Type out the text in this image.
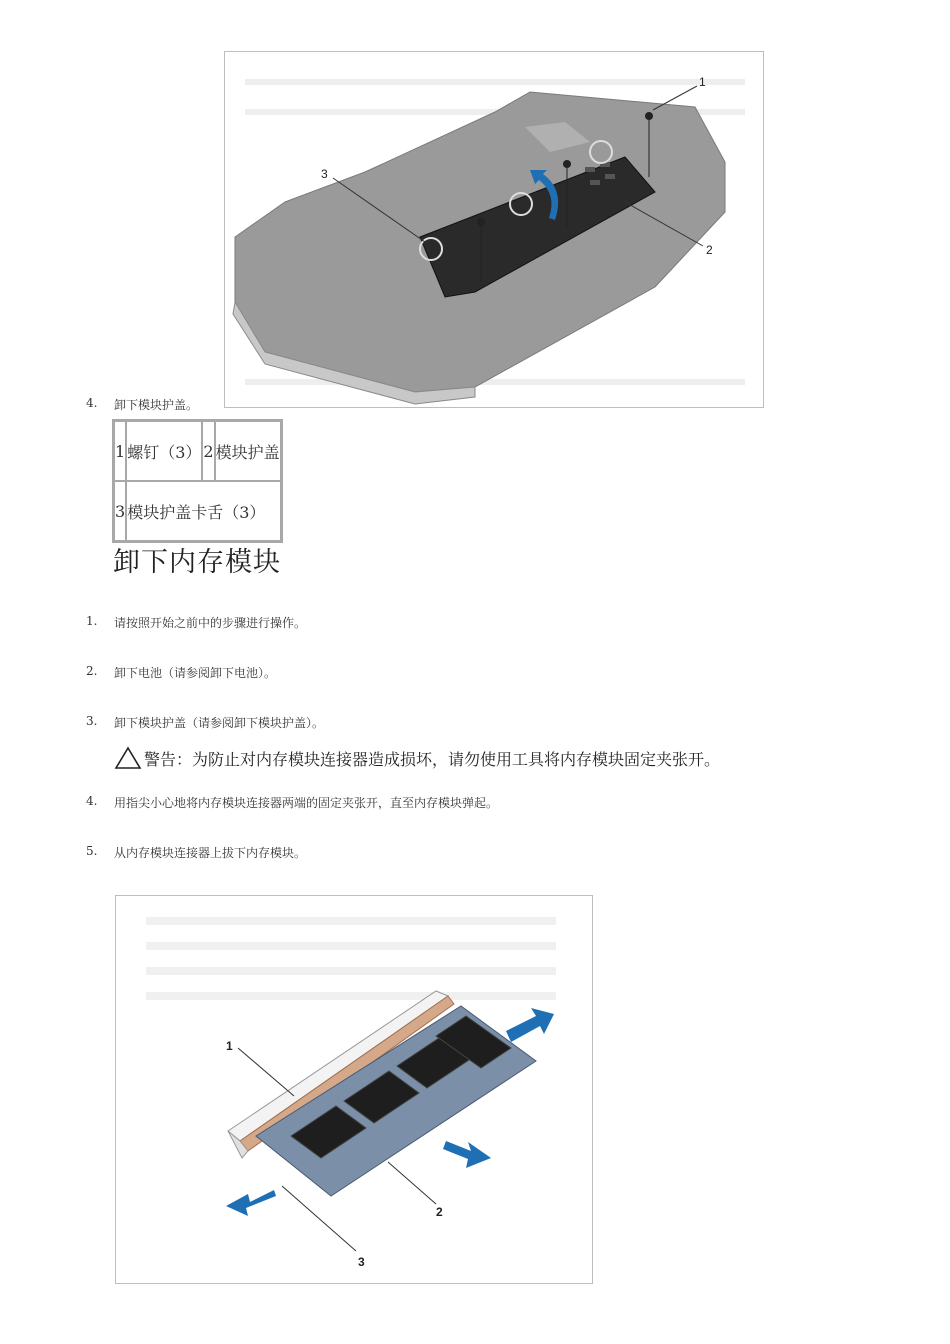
1
2
3
4.	卸下模块护盖。
1	螺钉（3）	2	模块护盖
3	模块护盖卡舌（3）		
卸下内存模块
1.	请按照开始之前中的步骤进行操作。
2.	卸下电池（请参阅卸下电池）。
3.	卸下模块护盖（请参阅卸下模块护盖）。
警告：为防止对内存模块连接器造成损坏，请勿使用工具将内存模块固定夹张开。
4.	用指尖小心地将内存模块连接器两端的固定夹张开，直至内存模块弹起。
5.	从内存模块连接器上拔下内存模块。
1
2
3
